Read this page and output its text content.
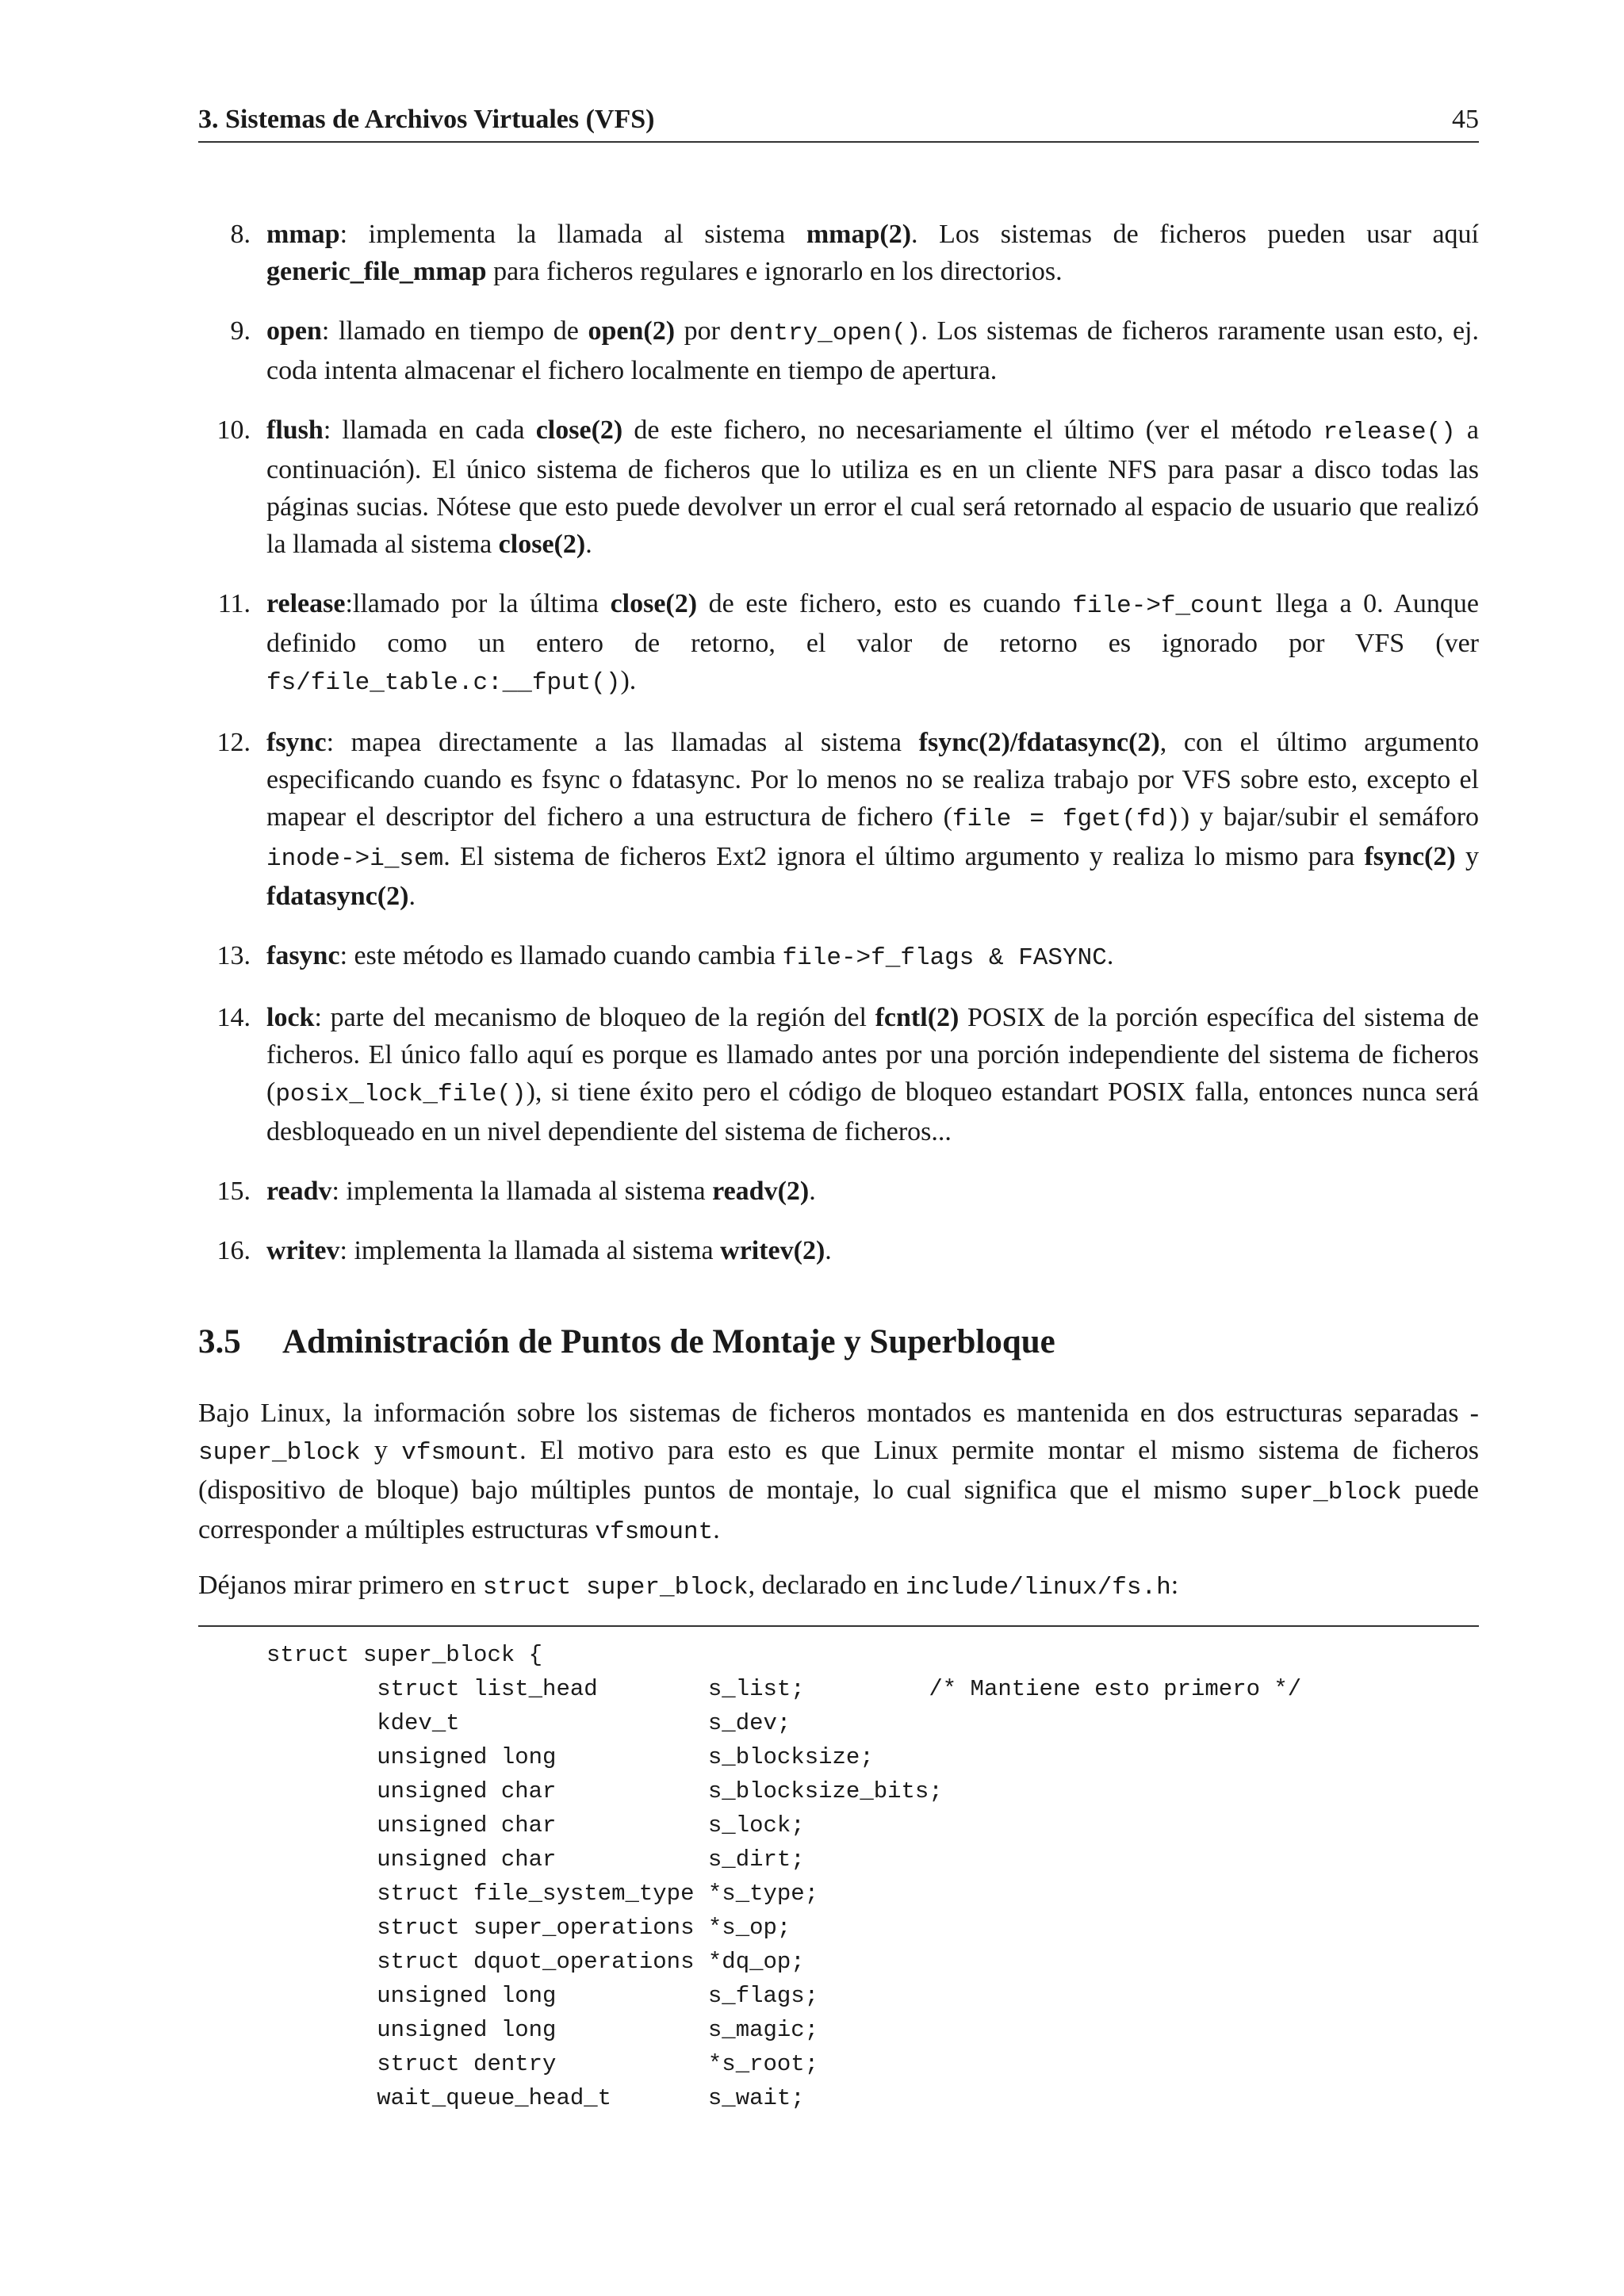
3. Sistemas de Archivos Virtuales (VFS)	45
8. mmap: implementa la llamada al sistema mmap(2). Los sistemas de ficheros pueden usar aquí generic_file_mmap para ficheros regulares e ignorarlo en los directorios.
9. open: llamado en tiempo de open(2) por dentry_open(). Los sistemas de ficheros raramente usan esto, ej. coda intenta almacenar el fichero localmente en tiempo de apertura.
10. flush: llamada en cada close(2) de este fichero, no necesariamente el último (ver el método release() a continuación). El único sistema de ficheros que lo utiliza es en un cliente NFS para pasar a disco todas las páginas sucias. Nótese que esto puede devolver un error el cual será retornado al espacio de usuario que realizó la llamada al sistema close(2).
11. release:llamado por la última close(2) de este fichero, esto es cuando file->f_count llega a 0. Aunque definido como un entero de retorno, el valor de retorno es ignorado por VFS (ver fs/file_table.c:__fput()).
12. fsync: mapea directamente a las llamadas al sistema fsync(2)/fdatasync(2), con el último argumento especificando cuando es fsync o fdatasync. Por lo menos no se realiza trabajo por VFS sobre esto, excepto el mapear el descriptor del fichero a una estructura de fichero (file = fget(fd)) y bajar/subir el semáforo inode->i_sem. El sistema de ficheros Ext2 ignora el último argumento y realiza lo mismo para fsync(2) y fdatasync(2).
13. fasync: este método es llamado cuando cambia file->f_flags & FASYNC.
14. lock: parte del mecanismo de bloqueo de la región del fcntl(2) POSIX de la porción específica del sistema de ficheros. El único fallo aquí es porque es llamado antes por una porción independiente del sistema de ficheros (posix_lock_file()), si tiene éxito pero el código de bloqueo estandart POSIX falla, entonces nunca será desbloqueado en un nivel dependiente del sistema de ficheros...
15. readv: implementa la llamada al sistema readv(2).
16. writev: implementa la llamada al sistema writev(2).
3.5 Administración de Puntos de Montaje y Superbloque

Bajo Linux, la información sobre los sistemas de ficheros montados es mantenida en dos estructuras separadas - super_block y vfsmount. El motivo para esto es que Linux permite montar el mismo sistema de ficheros (dispositivo de bloque) bajo múltiples puntos de montaje, lo cual significa que el mismo super_block puede corresponder a múltiples estructuras vfsmount.

Déjanos mirar primero en struct super_block, declarado en include/linux/fs.h:

struct super_block {
struct list_head        s_list;         /* Mantiene esto primero */
kdev_t                  s_dev;
unsigned long           s_blocksize;
unsigned char           s_blocksize_bits;
unsigned char           s_lock;
unsigned char           s_dirt;
struct file_system_type *s_type;
struct super_operations *s_op;
struct dquot_operations *dq_op;
unsigned long           s_flags;
unsigned long           s_magic;
struct dentry           *s_root;
wait_queue_head_t       s_wait;
